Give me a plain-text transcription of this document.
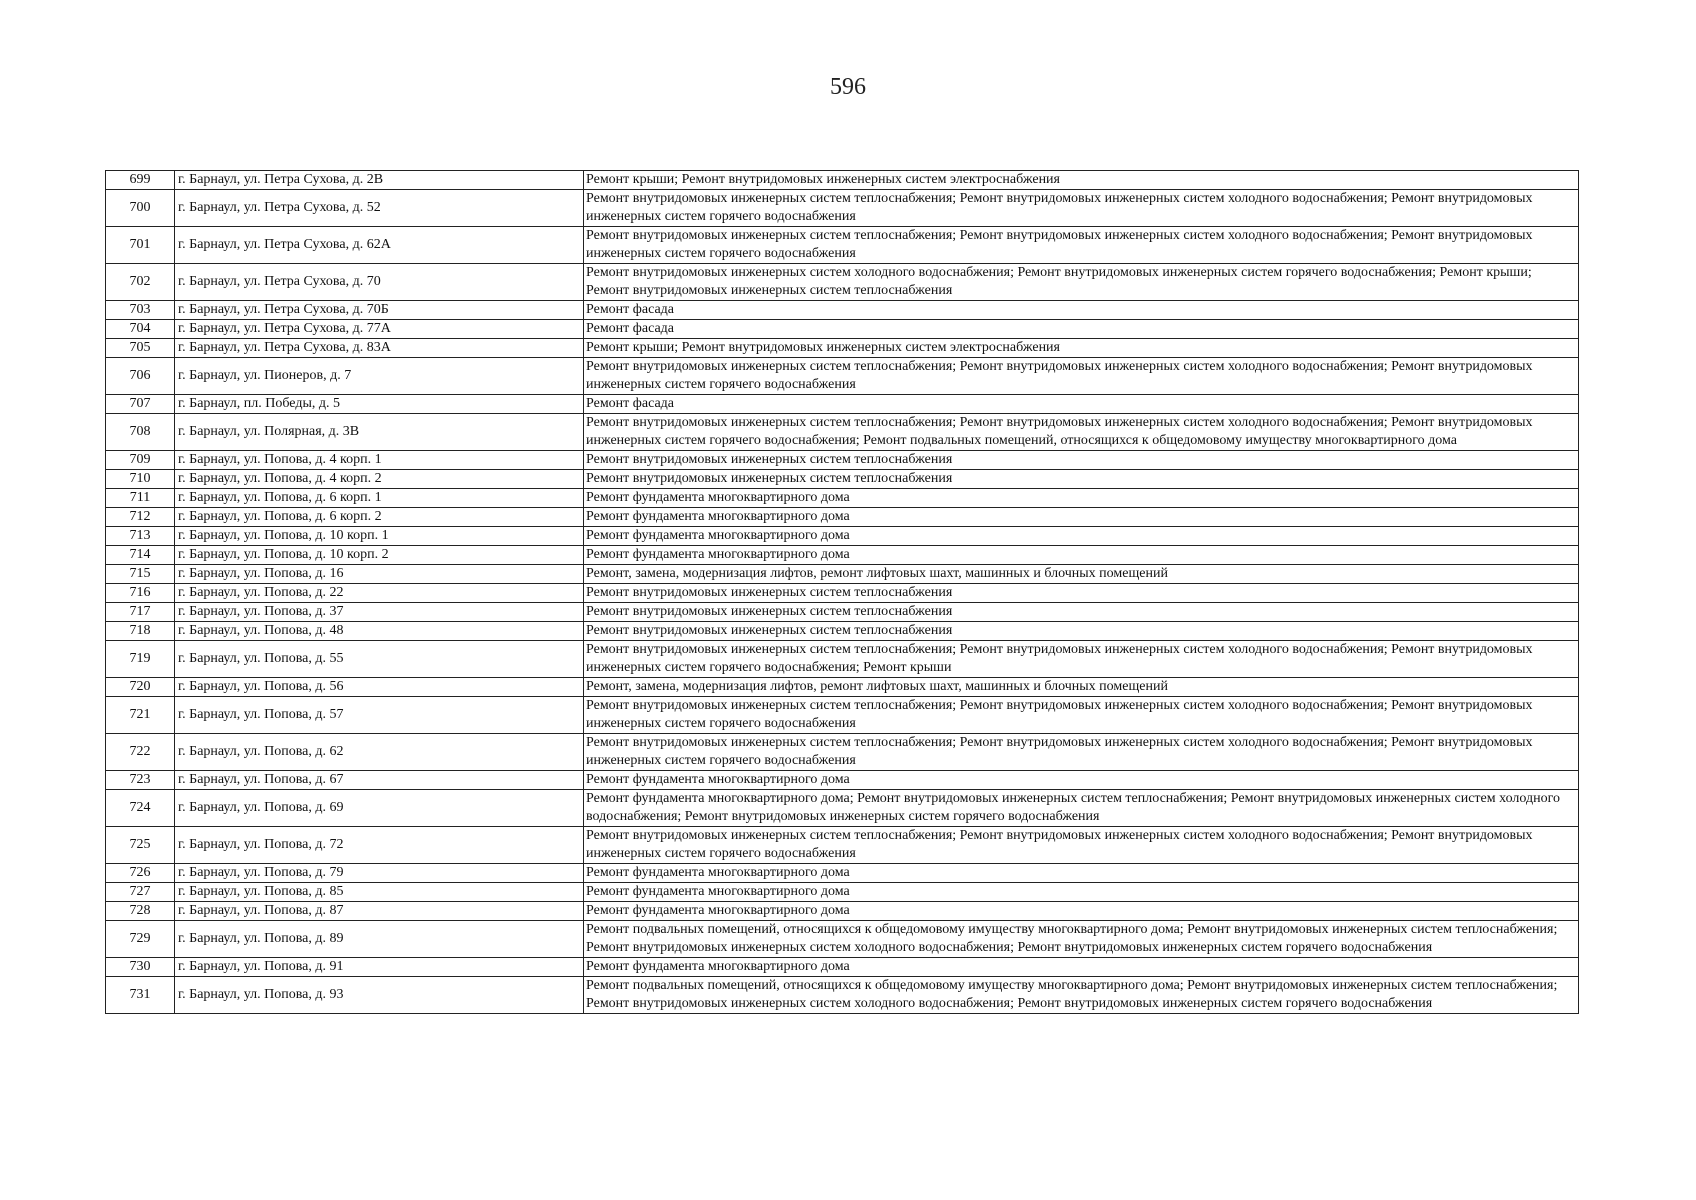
596
699	г. Барнаул, ул. Петра Сухова, д. 2В	Ремонт крыши; Ремонт внутридомовых инженерных систем электроснабжения
700	г. Барнаул, ул. Петра Сухова, д. 52	Ремонт внутридомовых инженерных систем теплоснабжения; Ремонт внутридомовых инженерных систем холодного водоснабжения; Ремонт внутридомовых инженерных систем горячего водоснабжения
701	г. Барнаул, ул. Петра Сухова, д. 62А	Ремонт внутридомовых инженерных систем теплоснабжения; Ремонт внутридомовых инженерных систем холодного водоснабжения; Ремонт внутридомовых инженерных систем горячего водоснабжения
702	г. Барнаул, ул. Петра Сухова, д. 70	Ремонт внутридомовых инженерных систем холодного водоснабжения; Ремонт внутридомовых инженерных систем горячего водоснабжения; Ремонт крыши; Ремонт внутридомовых инженерных систем теплоснабжения
703	г. Барнаул, ул. Петра Сухова, д. 70Б	Ремонт фасада
704	г. Барнаул, ул. Петра Сухова, д. 77А	Ремонт фасада
705	г. Барнаул, ул. Петра Сухова, д. 83А	Ремонт крыши; Ремонт внутридомовых инженерных систем электроснабжения
706	г. Барнаул, ул. Пионеров, д. 7	Ремонт внутридомовых инженерных систем теплоснабжения; Ремонт внутридомовых инженерных систем холодного водоснабжения; Ремонт внутридомовых инженерных систем горячего водоснабжения
707	г. Барнаул, пл. Победы, д. 5	Ремонт фасада
708	г. Барнаул, ул. Полярная, д. 3В	Ремонт внутридомовых инженерных систем теплоснабжения; Ремонт внутридомовых инженерных систем холодного водоснабжения; Ремонт внутридомовых инженерных систем горячего водоснабжения; Ремонт подвальных помещений, относящихся к общедомовому имуществу многоквартирного дома
709	г. Барнаул, ул. Попова, д. 4 корп. 1	Ремонт внутридомовых инженерных систем теплоснабжения
710	г. Барнаул, ул. Попова, д. 4 корп. 2	Ремонт внутридомовых инженерных систем теплоснабжения
711	г. Барнаул, ул. Попова, д. 6 корп. 1	Ремонт фундамента многоквартирного дома
712	г. Барнаул, ул. Попова, д. 6 корп. 2	Ремонт фундамента многоквартирного дома
713	г. Барнаул, ул. Попова, д. 10 корп. 1	Ремонт фундамента многоквартирного дома
714	г. Барнаул, ул. Попова, д. 10 корп. 2	Ремонт фундамента многоквартирного дома
715	г. Барнаул, ул. Попова, д. 16	Ремонт, замена, модернизация лифтов, ремонт лифтовых шахт, машинных и блочных помещений
716	г. Барнаул, ул. Попова, д. 22	Ремонт внутридомовых инженерных систем теплоснабжения
717	г. Барнаул, ул. Попова, д. 37	Ремонт внутридомовых инженерных систем теплоснабжения
718	г. Барнаул, ул. Попова, д. 48	Ремонт внутридомовых инженерных систем теплоснабжения
719	г. Барнаул, ул. Попова, д. 55	Ремонт внутридомовых инженерных систем теплоснабжения; Ремонт внутридомовых инженерных систем холодного водоснабжения; Ремонт внутридомовых инженерных систем горячего водоснабжения; Ремонт крыши
720	г. Барнаул, ул. Попова, д. 56	Ремонт, замена, модернизация лифтов, ремонт лифтовых шахт, машинных и блочных помещений
721	г. Барнаул, ул. Попова, д. 57	Ремонт внутридомовых инженерных систем теплоснабжения; Ремонт внутридомовых инженерных систем холодного водоснабжения; Ремонт внутридомовых инженерных систем горячего водоснабжения
722	г. Барнаул, ул. Попова, д. 62	Ремонт внутридомовых инженерных систем теплоснабжения; Ремонт внутридомовых инженерных систем холодного водоснабжения; Ремонт внутридомовых инженерных систем горячего водоснабжения
723	г. Барнаул, ул. Попова, д. 67	Ремонт фундамента многоквартирного дома
724	г. Барнаул, ул. Попова, д. 69	Ремонт фундамента многоквартирного дома; Ремонт внутридомовых инженерных систем теплоснабжения; Ремонт внутридомовых инженерных систем холодного водоснабжения; Ремонт внутридомовых инженерных систем горячего водоснабжения
725	г. Барнаул, ул. Попова, д. 72	Ремонт внутридомовых инженерных систем теплоснабжения; Ремонт внутридомовых инженерных систем холодного водоснабжения; Ремонт внутридомовых инженерных систем горячего водоснабжения
726	г. Барнаул, ул. Попова, д. 79	Ремонт фундамента многоквартирного дома
727	г. Барнаул, ул. Попова, д. 85	Ремонт фундамента многоквартирного дома
728	г. Барнаул, ул. Попова, д. 87	Ремонт фундамента многоквартирного дома
729	г. Барнаул, ул. Попова, д. 89	Ремонт подвальных помещений, относящихся к общедомовому имуществу многоквартирного дома; Ремонт внутридомовых инженерных систем теплоснабжения; Ремонт внутридомовых инженерных систем холодного водоснабжения; Ремонт внутридомовых инженерных систем горячего водоснабжения
730	г. Барнаул, ул. Попова, д. 91	Ремонт фундамента многоквартирного дома
731	г. Барнаул, ул. Попова, д. 93	Ремонт подвальных помещений, относящихся к общедомовому имуществу многоквартирного дома; Ремонт внутридомовых инженерных систем теплоснабжения; Ремонт внутридомовых инженерных систем холодного водоснабжения; Ремонт внутридомовых инженерных систем горячего водоснабжения
